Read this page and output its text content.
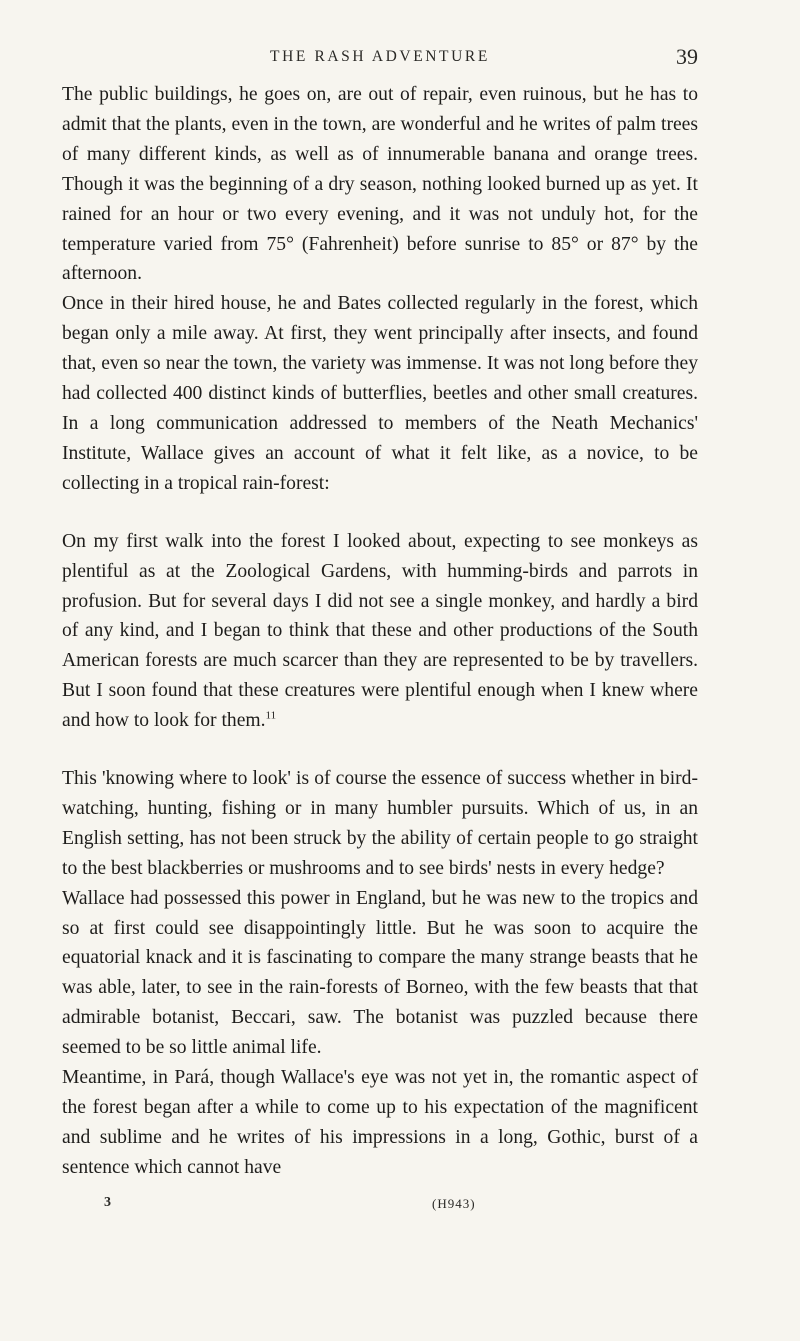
THE RASH ADVENTURE	39

The public buildings, he goes on, are out of repair, even ruinous, but he has to admit that the plants, even in the town, are wonderful and he writes of palm trees of many different kinds, as well as of innumerable banana and orange trees. Though it was the beginning of a dry season, nothing looked burned up as yet. It rained for an hour or two every evening, and it was not unduly hot, for the temperature varied from 75° (Fahrenheit) before sunrise to 85° or 87° by the afternoon.

Once in their hired house, he and Bates collected regularly in the forest, which began only a mile away. At first, they went principally after insects, and found that, even so near the town, the variety was immense. It was not long before they had collected 400 distinct kinds of butterflies, beetles and other small creatures. In a long communication addressed to members of the Neath Mechanics' Institute, Wallace gives an account of what it felt like, as a novice, to be collecting in a tropical rain-forest:

On my first walk into the forest I looked about, expecting to see monkeys as plentiful as at the Zoological Gardens, with humming-birds and parrots in profusion. But for several days I did not see a single monkey, and hardly a bird of any kind, and I began to think that these and other productions of the South American forests are much scarcer than they are represented to be by travellers. But I soon found that these creatures were plentiful enough when I knew where and how to look for them.$^{11}$

This 'knowing where to look' is of course the essence of success whether in bird-watching, hunting, fishing or in many humbler pursuits. Which of us, in an English setting, has not been struck by the ability of certain people to go straight to the best blackberries or mushrooms and to see birds' nests in every hedge?

Wallace had possessed this power in England, but he was new to the tropics and so at first could see disappointingly little. But he was soon to acquire the equatorial knack and it is fascinating to compare the many strange beasts that he was able, later, to see in the rain-forests of Borneo, with the few beasts that that admirable botanist, Beccari, saw. The botanist was puzzled because there seemed to be so little animal life.

Meantime, in Pará, though Wallace's eye was not yet in, the romantic aspect of the forest began after a while to come up to his expectation of the magnificent and sublime and he writes of his impressions in a long, Gothic, burst of a sentence which cannot have

3	(H943)
